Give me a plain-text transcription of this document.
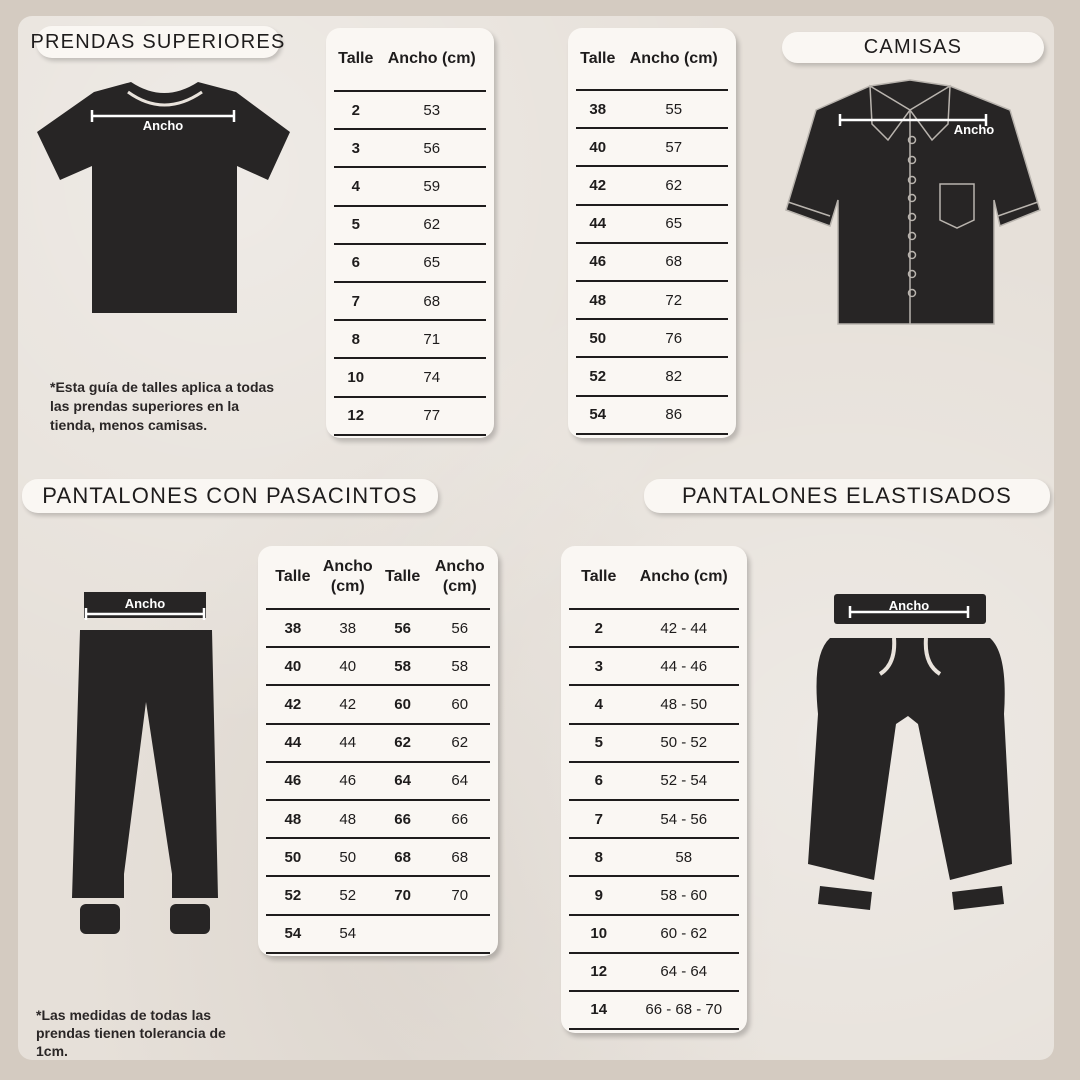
PRENDAS SUPERIORES
Ancho
*Esta guía de talles aplica a todas las prendas superiores en la tienda, menos camisas.
Talle	Ancho (cm)
2	53
3	56
4	59
5	62
6	65
7	68
8	71
10	74
12	77
Talle	Ancho (cm)
38	55
40	57
42	62
44	65
46	68
48	72
50	76
52	82
54	86
CAMISAS
Ancho
PANTALONES CON PASACINTOS
Ancho
Talle	Ancho (cm)	Talle	Ancho (cm)
38	38	56	56
40	40	58	58
42	42	60	60
44	44	62	62
46	46	64	64
48	48	66	66
50	50	68	68
52	52	70	70
54	54		
PANTALONES ELASTISADOS
Talle	Ancho (cm)
2	42 - 44
3	44 - 46
4	48 - 50
5	50 - 52
6	52 - 54
7	54 - 56
8	58
9	58 - 60
10	60 - 62
12	64 - 64
14	66 - 68 - 70
Ancho
*Las medidas de todas las prendas tienen tolerancia de 1cm.
